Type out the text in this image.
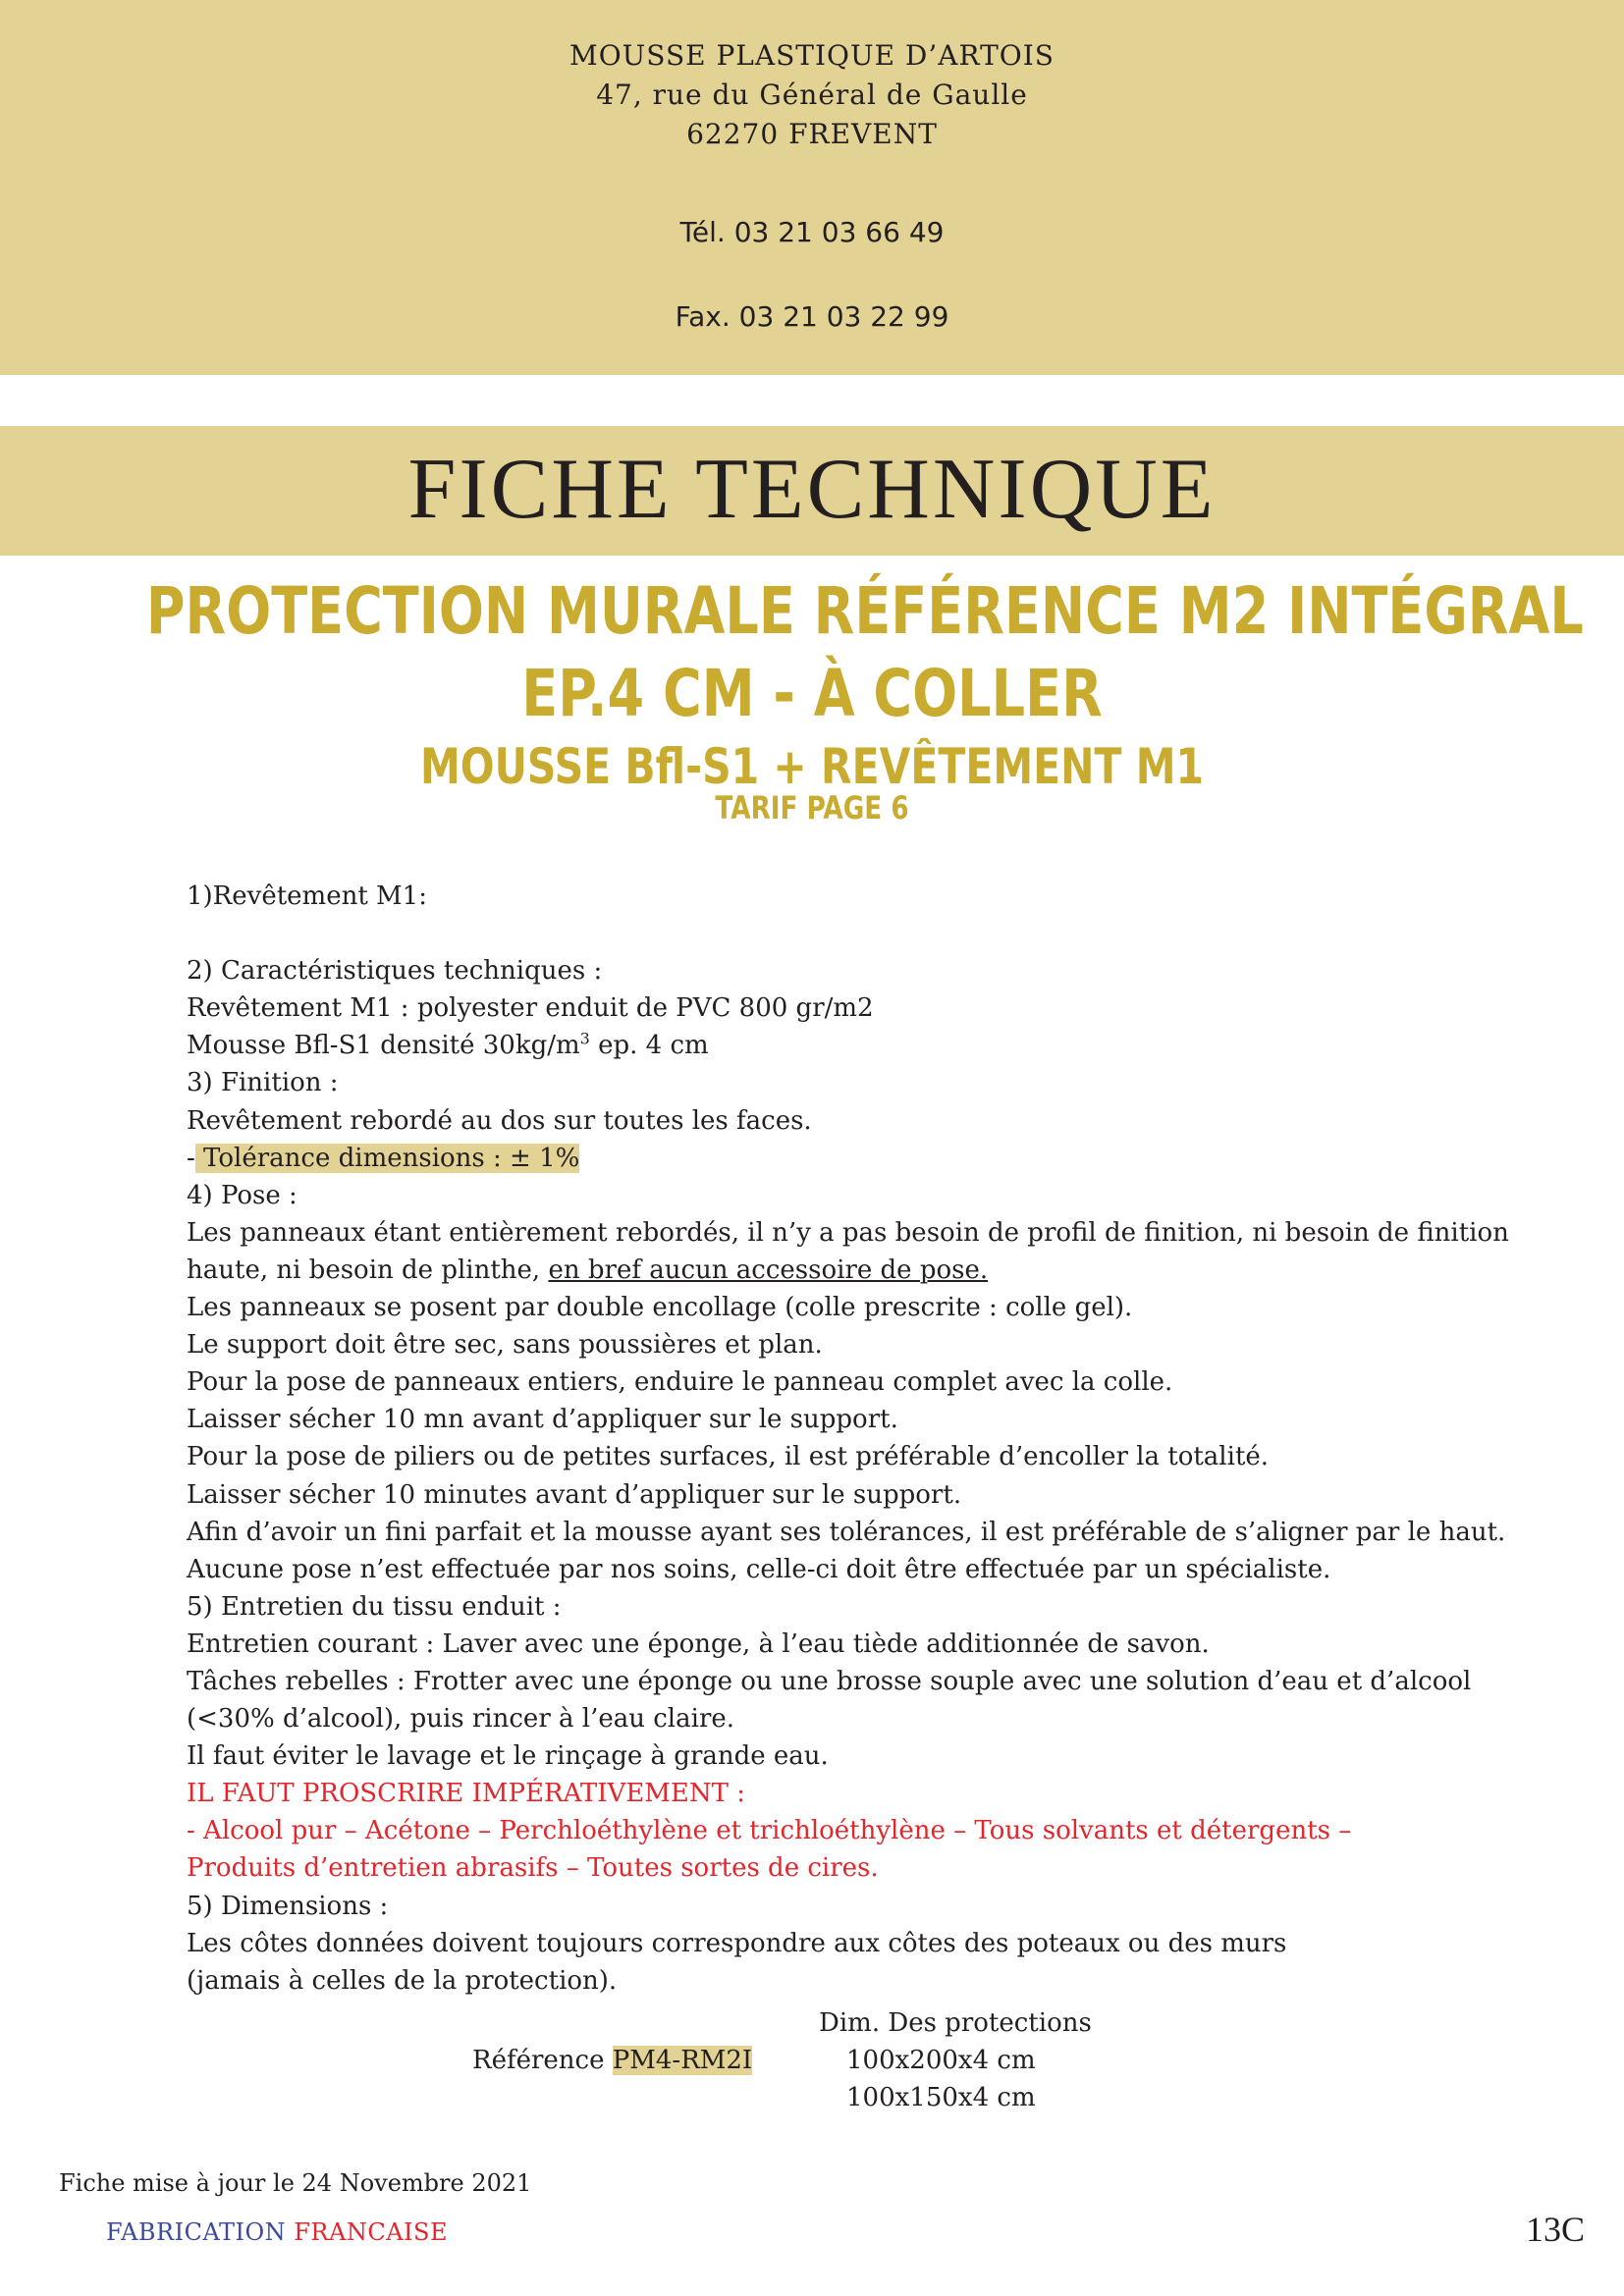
MOUSSE PLASTIQUE D’ARTOIS
47, rue du Général de Gaulle
62270 FREVENT
Tél. 03 21 03 66 49
Fax. 03 21 03 22 99
FICHE TECHNIQUE
PROTECTION MURALE RÉFÉRENCE M2 INTÉGRAL
EP.4 CM - À COLLER
MOUSSE Bfl-S1 + REVÊTEMENT M1
TARIF PAGE 6
1)Revêtement M1:
2) Caractéristiques techniques :
Revêtement M1 : polyester enduit de PVC 800 gr/m2
Mousse Bfl-S1 densité $30kg/m^3$ ep. 4 cm
3) Finition :
Revêtement rebordé au dos sur toutes les faces.
- Tolérance dimensions : ± 1%
4) Pose :
Les panneaux étant entièrement rebordés, il n’y a pas besoin de profil de finition, ni besoin de finition
haute, ni besoin de plinthe, en bref aucun accessoire de pose.
Les panneaux se posent par double encollage (colle prescrite : colle gel).
Le support doit être sec, sans poussières et plan.
Pour la pose de panneaux entiers, enduire le panneau complet avec la colle.
Laisser sécher 10 mn avant d’appliquer sur le support.
Pour la pose de piliers ou de petites surfaces, il est préférable d’encoller la totalité.
Laisser sécher 10 minutes avant d’appliquer sur le support.
Afin d’avoir un fini parfait et la mousse ayant ses tolérances, il est préférable de s’aligner par le haut.
Aucune pose n’est effectuée par nos soins, celle-ci doit être effectuée par un spécialiste.
5) Entretien du tissu enduit :
Entretien courant : Laver avec une éponge, à l’eau tiède additionnée de savon.
Tâches rebelles : Frotter avec une éponge ou une brosse souple avec une solution d’eau et d’alcool
(<30% d’alcool), puis rincer à l’eau claire.
Il faut éviter le lavage et le rinçage à grande eau.
IL FAUT PROSCRIRE IMPÉRATIVEMENT :
- Alcool pur – Acétone – Perchloéthylène et trichloéthylène – Tous solvants et détergents –
Produits d’entretien abrasifs – Toutes sortes de cires.
5) Dimensions :
Les côtes données doivent toujours correspondre aux côtes des poteaux ou des murs
(jamais à celles de la protection).
Dim. Des protections
Référence PM4-RM2I	100x200x4 cm
100x150x4 cm
Fiche mise à jour le 24 Novembre 2021
FABRICATION FRANCAISE	13C
